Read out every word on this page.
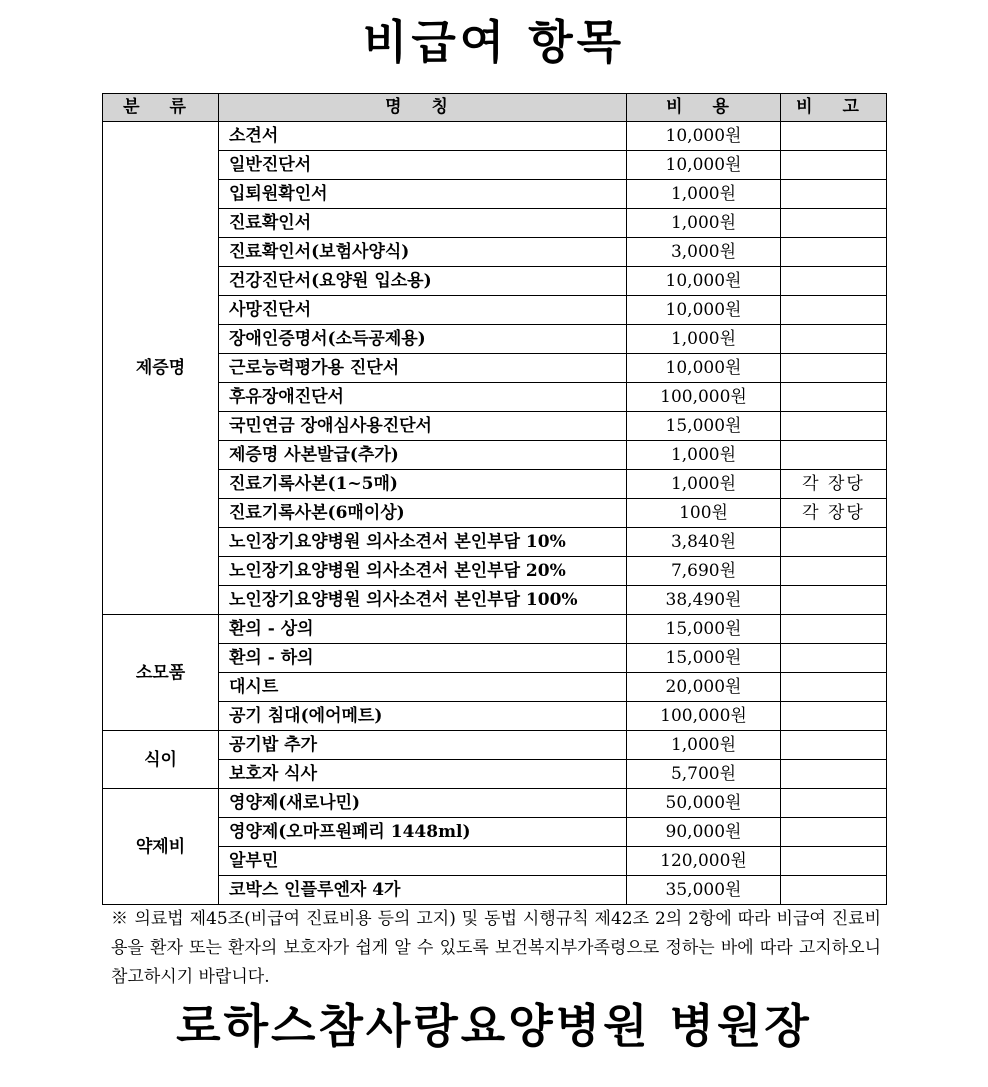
비급여 항목
분 류	명 칭	비 용	비 고
제증명	소견서	10,000원	
	일반진단서	10,000원	
	입퇴원확인서	1,000원	
	진료확인서	1,000원	
	진료확인서(보험사양식)	3,000원	
	건강진단서(요양원 입소용)	10,000원	
	사망진단서	10,000원	
	장애인증명서(소득공제용)	1,000원	
	근로능력평가용 진단서	10,000원	
	후유장애진단서	100,000원	
	국민연금 장애심사용진단서	15,000원	
	제증명 사본발급(추가)	1,000원	
	진료기록사본(1~5매)	1,000원	각 장당
	진료기록사본(6매이상)	100원	각 장당
	노인장기요양병원 의사소견서 본인부담 10%	3,840원	
	노인장기요양병원 의사소견서 본인부담 20%	7,690원	
	노인장기요양병원 의사소견서 본인부담 100%	38,490원	
소모품	환의 - 상의	15,000원	
	환의 - 하의	15,000원	
	대시트	20,000원	
	공기 침대(에어메트)	100,000원	
식이	공기밥 추가	1,000원	
	보호자 식사	5,700원	
약제비	영양제(새로나민)	50,000원	
	영양제(오마프원페리 1448ml)	90,000원	
	알부민	120,000원	
	코박스 인플루엔자 4가	35,000원	

※ 의료법 제45조(비급여 진료비용 등의 고지) 및 동법 시행규칙 제42조 2의 2항에 따라 비급여 진료비용을 환자 또는 환자의 보호자가 쉽게 알 수 있도록 보건복지부가족령으로 정하는 바에 따라 고지하오니 참고하시기 바랍니다.

로하스참사랑요양병원 병원장
